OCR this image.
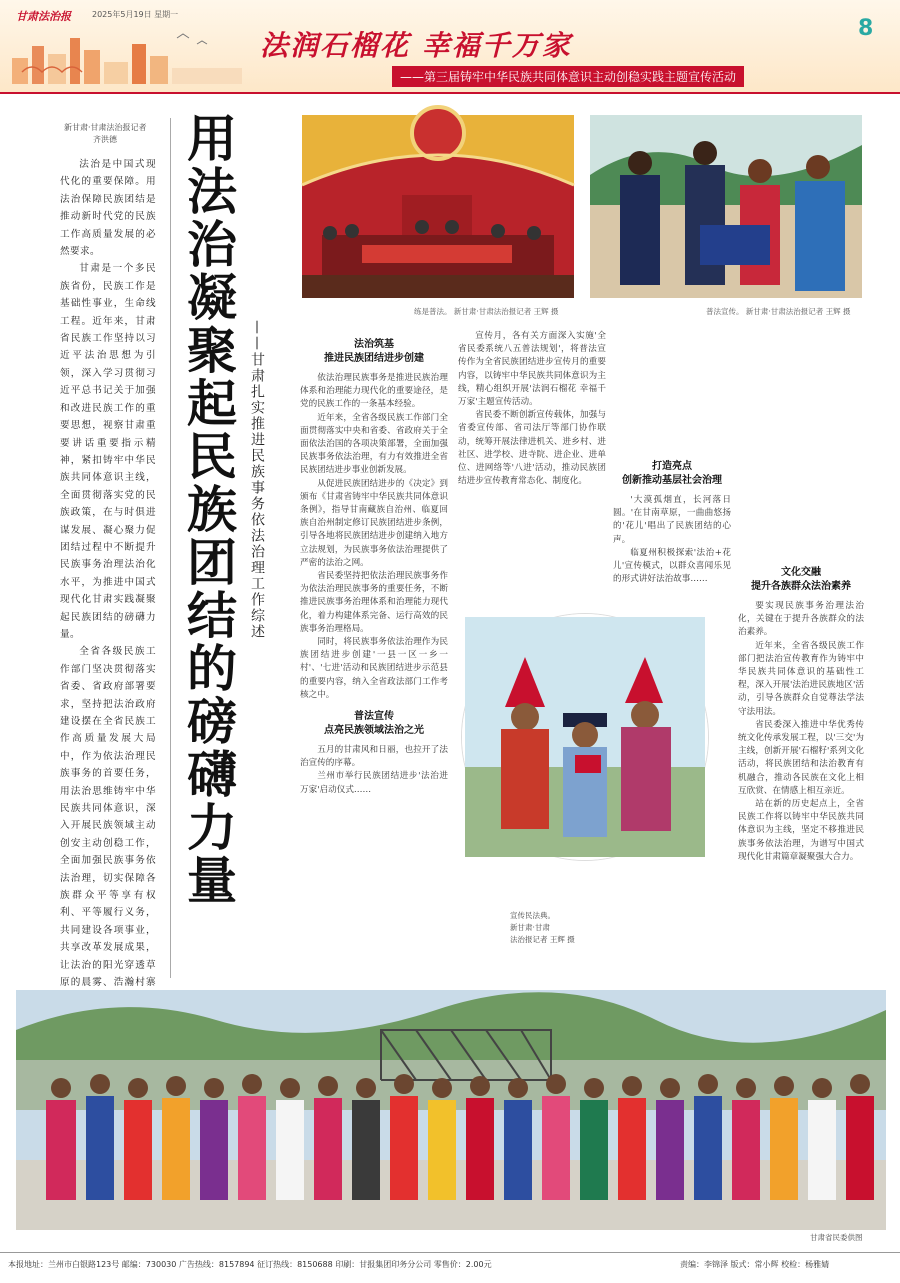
甘肃法治报	2025年5月19日 星期一
法润石榴花 幸福千万家
——第三届铸牢中华民族共同体意识主动创稳实践主题宣传活动
8
新甘肃·甘肃法治报记者
齐洪德

法治是中国式现代化的重要保障。用法治保障民族团结是推动新时代党的民族工作高质量发展的必然要求。

甘肃是一个多民族省份，民族工作是基础性事业，生命线工程。近年来，甘肃省民族工作坚持以习近平法治思想为引领，深入学习贯彻习近平总书记关于加强和改进民族工作的重要思想，视察甘肃重要讲话重要指示精神，紧扣铸牢中华民族共同体意识主线，全面贯彻落实党的民族政策，在与时俱进谋发展、凝心聚力促团结过程中不断提升民族事务治理法治化水平，为推进中国式现代化甘肃实践凝聚起民族团结的磅礴力量。

全省各级民族工作部门坚决贯彻落实省委、省政府部署要求，坚持把法治政府建设摆在全省民族工作高质量发展大局中，作为依法治理民族事务的首要任务，用法治思维铸牢中华民族共同体意识，深入开展民族领域主动创安主动创稳工作，全面加强民族事务依法治理，切实保障各族群众平等享有权利、平等履行义务，共同建设各项事业，共享改革发展成果，让法治的阳光穿透草原的晨雾、浩瀚村寨

用法治凝聚起民族团结的磅礴力量 ——甘肃扎实推进民族事务依法治理工作综述
练是普法。 新甘肃·甘肃法治报记者 王辉 摄	普法宣传。 新甘肃·甘肃法治报记者 王辉 摄
法治筑基
推进民族团结进步创建

依法治理民族事务是推进民族治理体系和治理能力现代化的重要途径，是党的民族工作的一条基本经验。

近年来，全省各级民族工作部门全面贯彻落实中央和省委、省政府关于全面依法治国的各项决策部署，全面加强民族事务依法治理，有力有效推进全省民族团结进步事业创新发展。

从促进民族团结进步的《决定》到颁布《甘肃省铸牢中华民族共同体意识条例》，指导甘南藏族自治州、临夏回族自治州制定修订民族团结进步条例，引导各地将民族团结进步创建纳入地方立法规划，为民族事务依法治理提供了严密的法治之网。

省民委坚持把依法治理民族事务作为依法治理民族事务的重要任务，不断推进民族事务治理体系和治理能力现代化，着力构建体系完备、运行高效的民族事务治理格局。

同时，将民族事务依法治理作为民族团结进步创建'一县一区一乡一村'、'七进'活动和民族团结进步示范县的重要内容，纳入全省政法部门工作考核之中。

普法宣传
点亮民族领域法治之光

五月的甘肃风和日丽，也拉开了法治宣传的序幕。

兰州市举行民族团结进步'法治进万家'启动仪式……

宣传月，各有关方面深入实施'全省民委系统八五普法规划'，将普法宣传作为全省民族团结进步宣传月的重要内容，以铸牢中华民族共同体意识为主线，精心组织开展'法润石榴花 幸福千万家'主题宣传活动。

省民委不断创新宣传载体，加强与省委宣传部、省司法厅等部门协作联动，统筹开展法律进机关、进乡村、进社区、进学校、进寺院、进企业、进单位、进网络等'八进'活动，推动民族团结进步宣传教育常态化、制度化。

打造亮点
创新推动基层社会治理

'大漠孤烟直，长河落日圆。'在甘南草原，一曲曲悠扬的'花儿'唱出了民族团结的心声。

临夏州积极探索'法治+花儿'宣传模式，以群众喜闻乐见的形式讲好法治故事……

文化交融
提升各族群众法治素养

要实现民族事务治理法治化，关键在于提升各族群众的法治素养。

近年来，全省各级民族工作部门把法治宣传教育作为铸牢中华民族共同体意识的基础性工程，深入开展'法治进民族地区'活动，引导各族群众自觉尊法学法守法用法。

省民委深入推进中华优秀传统文化传承发展工程，以'三交'为主线，创新开展'石榴籽'系列文化活动，将民族团结和法治教育有机融合，推动各民族在文化上相互欣赏、在情感上相互亲近。

站在新的历史起点上，全省民族工作将以铸牢中华民族共同体意识为主线，坚定不移推进民族事务依法治理，为谱写中国式现代化甘肃篇章凝聚强大合力。

宣传民法典。
新甘肃·甘肃
法治报记者 王辉 摄
甘肃省民委供图
本报地址：兰州市白银路123号 邮编：730030 广告热线：8157894 征订热线：8150688 印刷：甘报集团印务分公司 零售价：2.00元	责编：李锦泽 版式：常小辉 校检：杨雅婧
